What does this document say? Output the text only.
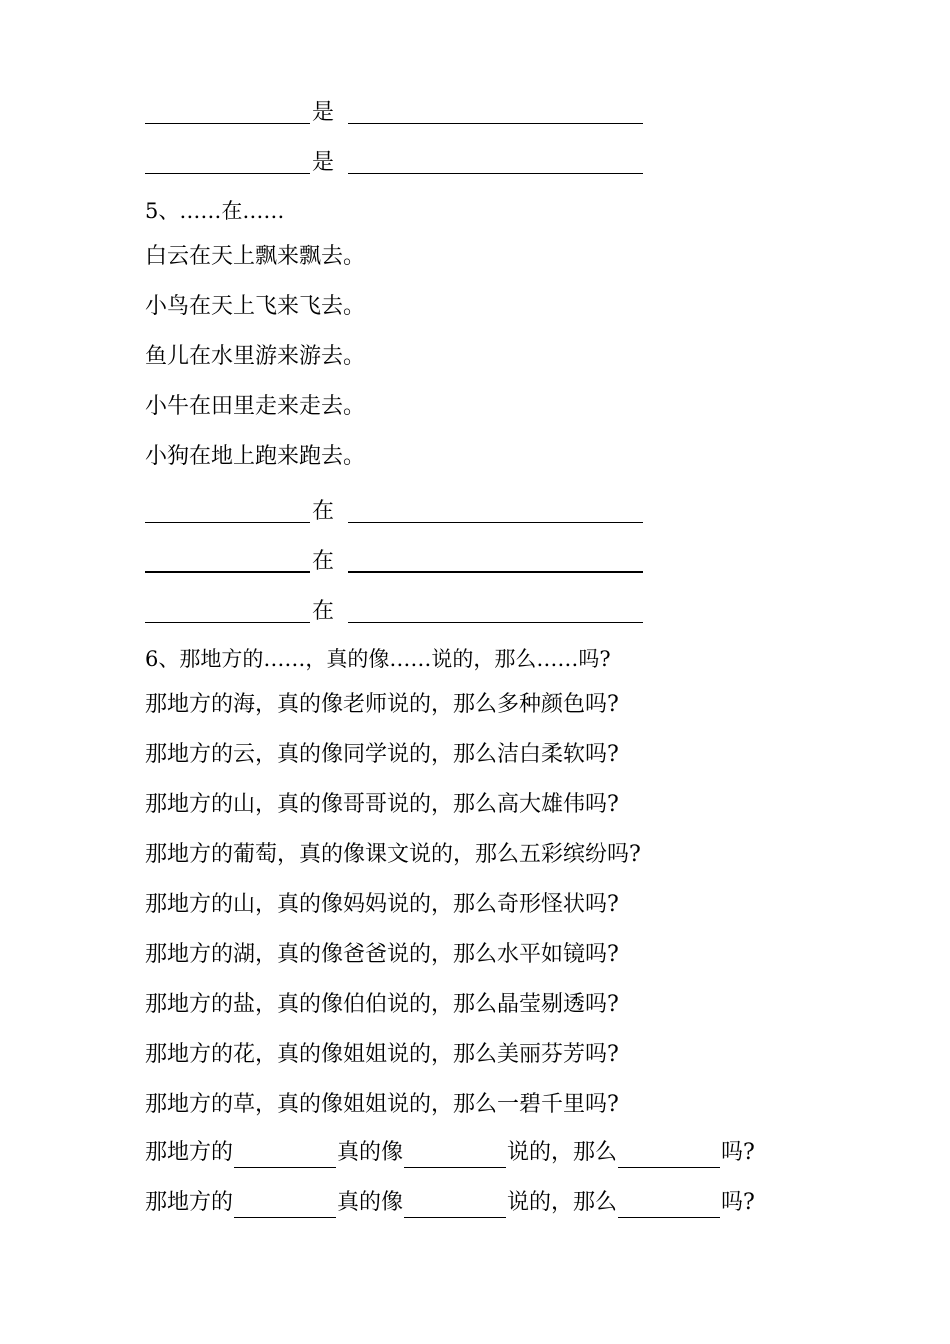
是
是
5、……在……
白云在天上飘来飘去。
小鸟在天上飞来飞去。
鱼儿在水里游来游去。
小牛在田里走来走去。
小狗在地上跑来跑去。
在
在
在
6、那地方的……，真的像……说的，那么……吗?
那地方的海，真的像老师说的，那么多种颜色吗?
那地方的云，真的像同学说的，那么洁白柔软吗?
那地方的山，真的像哥哥说的，那么高大雄伟吗?
那地方的葡萄，真的像课文说的，那么五彩缤纷吗?
那地方的山，真的像妈妈说的，那么奇形怪状吗?
那地方的湖，真的像爸爸说的，那么水平如镜吗?
那地方的盐，真的像伯伯说的，那么晶莹剔透吗?
那地方的花，真的像姐姐说的，那么美丽芬芳吗?
那地方的草，真的像姐姐说的，那么一碧千里吗?
那地方的	真的像	说的，那么	吗?
那地方的	真的像	说的，那么	吗?
